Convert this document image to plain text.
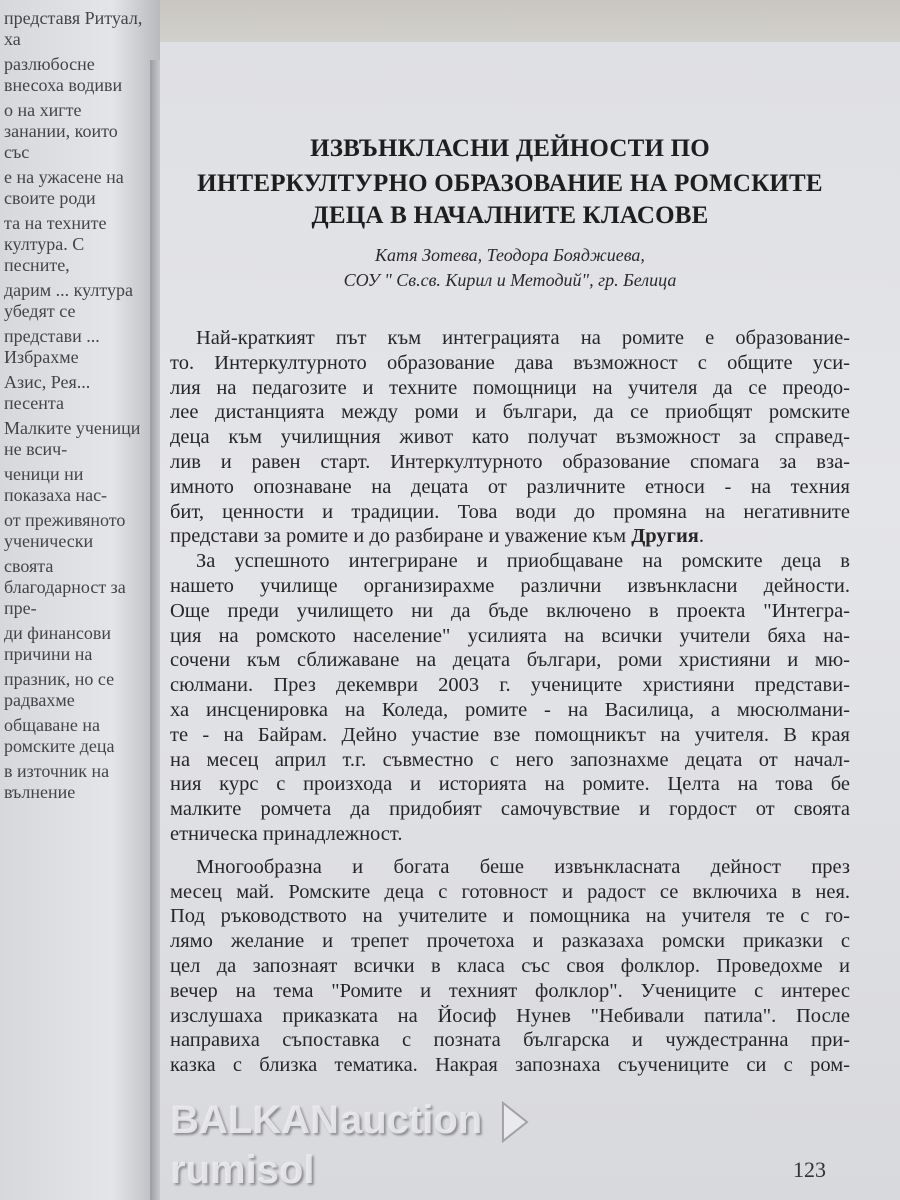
представя Ритуал, ха
разлюбосне внесоха водиви
о на хигте занании, които със
е на ужасене на своите роди
та на техните култура. С песните,
дарим ... култура убедят се
представи ... Избрахме
Азис, Рея... песента
Малките ученици не всич-
ченици ни показаха нас-
от преживяното ученически
своята благодарност за пре-
ди финансови причини на
празник, но се радвахме
общаване на ромските деца
в източник на вълнение
ИЗВЪНКЛАСНИ ДЕЙНОСТИ ПО
ИНТЕРКУЛТУРНО ОБРАЗОВАНИЕ НА РОМСКИТЕ
ДЕЦА В НАЧАЛНИТЕ КЛАСОВЕ
Катя Зотева, Теодора Бояджиева,
СОУ " Св.св. Кирил и Методий", гр. Белица
Най-краткият път към интеграцията на ромите е образование-
то. Интеркултурното образование дава възможност с общите уси-
лия на педагозите и техните помощници на учителя да се преодо-
лее дистанцията между роми и българи, да се приобщят ромските
деца към училищния живот като получат възможност за справед-
лив и равен старт. Интеркултурното образование спомага за вза-
имното опознаване на децата от различните етноси - на техния
бит, ценности и традиции. Това води до промяна на негативните
представи за ромите и до разбиране и уважение към Другия.
За успешното интегриране и приобщаване на ромските деца в
нашето училище организирахме различни извънкласни дейности.
Още преди училището ни да бъде включено в проекта "Интегра-
ция на ромското население" усилията на всички учители бяха на-
сочени към сближаване на децата българи, роми християни и мю-
сюлмани. През декември 2003 г. учениците християни представи-
ха инсценировка на Коледа, ромите - на Василица, а мюсюлмани-
те - на Байрам. Дейно участие взе помощникът на учителя. В края
на месец април т.г. съвместно с него запознахме децата от начал-
ния курс с произхода и историята на ромите. Целта на това бе
малките ромчета да придобият самочувствие и гордост от своята
етническа принадлежност.
Многообразна и богата беше извънкласната дейност през
месец май. Ромските деца с готовност и радост се включиха в нея.
Под ръководството на учителите и помощника на учителя те с го-
лямо желание и трепет прочетоха и разказаха ромски приказки с
цел да запознаят всички в класа със своя фолклор. Проведохме и
вечер на тема "Ромите и техният фолклор". Учениците с интерес
изслушаха приказката на Йосиф Нунев "Небивали патила". После
направиха съпоставка с позната българска и чуждестранна при-
казка с близка тематика. Накрая запознаха съучениците си с ром-
123
BALKAN auction
rumisol
